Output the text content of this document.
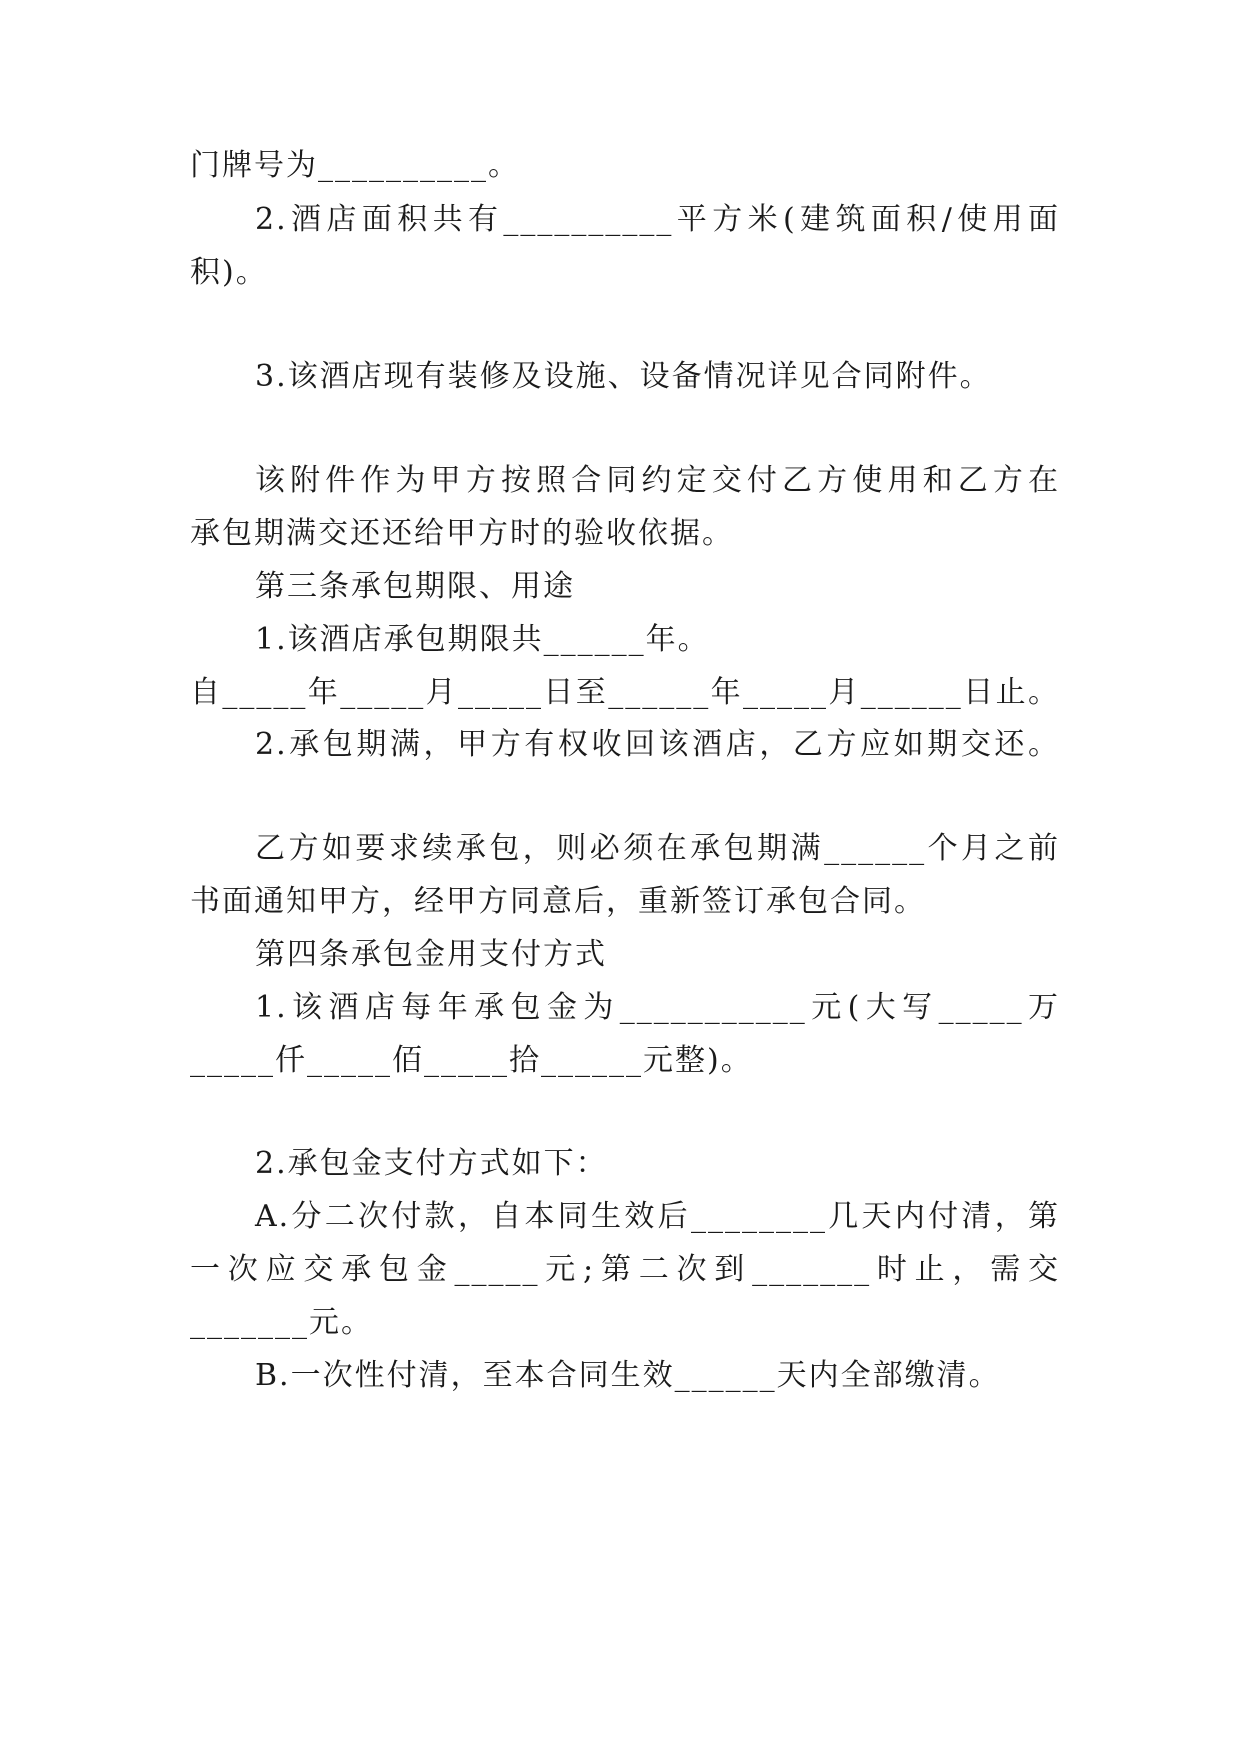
门牌号为__________。
2.酒店面积共有__________平方米(建筑面积/使用面
积)。
3.该酒店现有装修及设施、设备情况详见合同附件。
该附件作为甲方按照合同约定交付乙方使用和乙方在
承包期满交还还给甲方时的验收依据。
第三条承包期限、用途
1.该酒店承包期限共______年。
自_____年_____月_____日至______年_____月______日止。
2.承包期满，甲方有权收回该酒店，乙方应如期交还。
乙方如要求续承包，则必须在承包期满______个月之前
书面通知甲方，经甲方同意后，重新签订承包合同。
第四条承包金用支付方式
1.该酒店每年承包金为___________元(大写_____万
_____仟_____佰_____拾______元整)。
2.承包金支付方式如下：
A.分二次付款，自本同生效后________几天内付清，第
一次应交承包金_____元;第二次到_______时止，需交
_______元。
B.一次性付清，至本合同生效______天内全部缴清。
